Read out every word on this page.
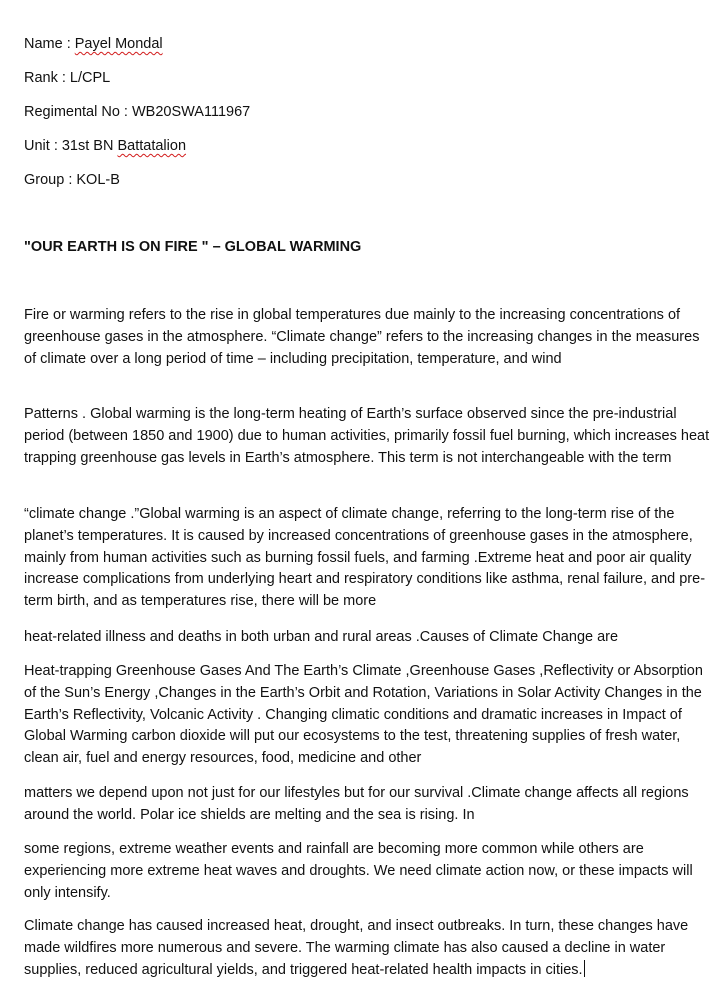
Name : Payel Mondal
Rank : L/CPL
Regimental No : WB20SWA111967
Unit : 31st BN Battatalion
Group : KOL-B
"OUR EARTH IS ON FIRE " – GLOBAL WARMING

Fire or warming refers to the rise in global temperatures due mainly to the increasing concentrations of greenhouse gases in the atmosphere. “Climate change” refers to the increasing changes in the measures of climate over a long period of time – including precipitation, temperature, and wind

Patterns . Global warming is the long-term heating of Earth’s surface observed since the pre-industrial period (between 1850 and 1900) due to human activities, primarily fossil fuel burning, which increases heat trapping greenhouse gas levels in Earth’s atmosphere. This term is not interchangeable with the term

“climate change .”Global warming is an aspect of climate change, referring to the long-term rise of the planet’s temperatures. It is caused by increased concentrations of greenhouse gases in the atmosphere, mainly from human activities such as burning fossil fuels, and farming .Extreme heat and poor air quality increase complications from underlying heart and respiratory conditions like asthma, renal failure, and pre-term birth, and as temperatures rise, there will be more

heat-related illness and deaths in both urban and rural areas .Causes of Climate Change are

Heat-trapping Greenhouse Gases And The Earth’s Climate ,Greenhouse Gases ,Reflectivity or Absorption of the Sun’s Energy ,Changes in the Earth’s Orbit and Rotation, Variations in Solar Activity Changes in the Earth’s Reflectivity, Volcanic Activity . Changing climatic conditions and dramatic increases in Impact of Global Warming carbon dioxide will put our ecosystems to the test, threatening supplies of fresh water, clean air, fuel and energy resources, food, medicine and other

matters we depend upon not just for our lifestyles but for our survival .Climate change affects all regions around the world. Polar ice shields are melting and the sea is rising. In

some regions, extreme weather events and rainfall are becoming more common while others are experiencing more extreme heat waves and droughts. We need climate action now, or these impacts will only intensify.

Climate change has caused increased heat, drought, and insect outbreaks. In turn, these changes have made wildfires more numerous and severe. The warming climate has also caused a decline in water supplies, reduced agricultural yields, and triggered heat-related health impacts in cities.
